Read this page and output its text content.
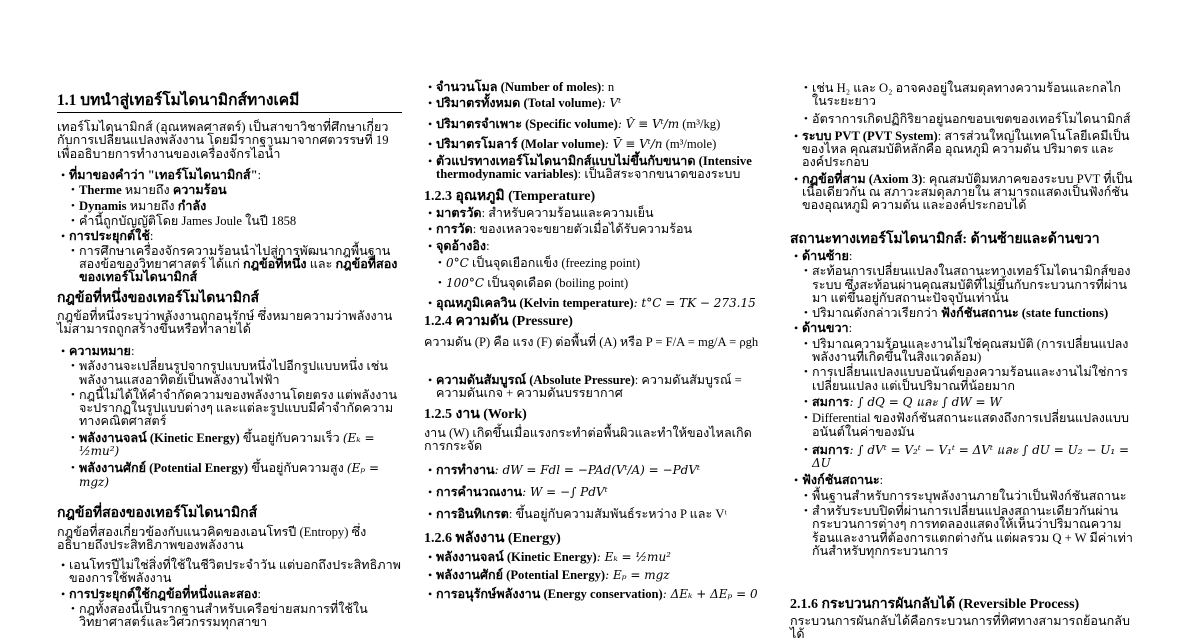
1.1 บทนำสู่เทอร์โมไดนามิกส์ทางเคมี
เทอร์โมไดนามิกส์ (อุณหพลศาสตร์) เป็นสาขาวิชาที่ศึกษาเกี่ยวกับการเปลี่ยนแปลงพลังงาน โดยมีรากฐานมาจากศตวรรษที่ 19 เพื่ออธิบายการทำงานของเครื่องจักรไอน้ำ
• ที่มาของคำว่า "เทอร์โมไดนามิกส์":
• Therme หมายถึง ความร้อน
• Dynamis หมายถึง กำลัง
• คำนี้ถูกบัญญัติโดย James Joule ในปี 1858
• การประยุกต์ใช้:
• การศึกษาเครื่องจักรความร้อนนำไปสู่การพัฒนากฎพื้นฐานสองข้อของวิทยาศาสตร์ ได้แก่ กฎข้อที่หนึ่ง และ กฎข้อที่สองของเทอร์โมไดนามิกส์
กฎข้อที่หนึ่งของเทอร์โมไดนามิกส์
กฎข้อที่หนึ่งระบุว่าพลังงานถูกอนุรักษ์ ซึ่งหมายความว่าพลังงานไม่สามารถถูกสร้างขึ้นหรือทำลายได้
• ความหมาย:
• พลังงานจะเปลี่ยนรูปจากรูปแบบหนึ่งไปอีกรูปแบบหนึ่ง เช่น พลังงานแสงอาทิตย์เป็นพลังงานไฟฟ้า
• กฎนี้ไม่ได้ให้คำจำกัดความของพลังงานโดยตรง แต่พลังงานจะปรากฏในรูปแบบต่างๆ และแต่ละรูปแบบมีคำจำกัดความทางคณิตศาสตร์
• พลังงานจลน์ (Kinetic Energy) ขึ้นอยู่กับความเร็ว (Eₖ = ½mu²)
• พลังงานศักย์ (Potential Energy) ขึ้นอยู่กับความสูง (Eₚ = mgz)
กฎข้อที่สองของเทอร์โมไดนามิกส์
กฎข้อที่สองเกี่ยวข้องกับแนวคิดของเอนโทรปี (Entropy) ซึ่งอธิบายถึงประสิทธิภาพของพลังงาน
• เอนโทรปีไม่ใช่สิ่งที่ใช้ในชีวิตประจำวัน แต่บอกถึงประสิทธิภาพของการใช้พลังงาน
• การประยุกต์ใช้กฎข้อที่หนึ่งและสอง:
• กฎทั้งสองนี้เป็นรากฐานสำหรับเครือข่ายสมการที่ใช้ในวิทยาศาสตร์และวิศวกรรมทุกสาขา
• จำนวนโมล (Number of moles): n
• ปริมาตรทั้งหมด (Total volume): Vᵗ
• ปริมาตรจำเพาะ (Specific volume): V̂ ≡ Vᵗ/m (m³/kg)
• ปริมาตรโมลาร์ (Molar volume): V̄ ≡ Vᵗ/n (m³/mole)
• ตัวแปรทางเทอร์โมไดนามิกส์แบบไม่ขึ้นกับขนาด (Intensive thermodynamic variables): เป็นอิสระจากขนาดของระบบ
1.2.3 อุณหภูมิ (Temperature)
• มาตรวัด: สำหรับความร้อนและความเย็น
• การวัด: ของเหลวจะขยายตัวเมื่อได้รับความร้อน
• จุดอ้างอิง:
• 0°C เป็นจุดเยือกแข็ง (freezing point)
• 100°C เป็นจุดเดือด (boiling point)
• อุณหภูมิเคลวิน (Kelvin temperature): t°C = TK − 273.15
1.2.4 ความดัน (Pressure)
ความดัน (P) คือ แรง (F) ต่อพื้นที่ (A) หรือ P = F/A = mg/A = ρgh
• ความดันสัมบูรณ์ (Absolute Pressure): ความดันสัมบูรณ์ = ความดันเกจ + ความดันบรรยากาศ
1.2.5 งาน (Work)
งาน (W) เกิดขึ้นเมื่อแรงกระทำต่อพื้นผิวและทำให้ของไหลเกิดการกระจัด
• การทำงาน: dW = Fdl = −PAd(Vᵗ/A) = −PdVᵗ
• การคำนวณงาน: W = −∫ PdVᵗ
• การอินทิเกรต: ขึ้นอยู่กับความสัมพันธ์ระหว่าง P และ Vᵗ
1.2.6 พลังงาน (Energy)
• พลังงานจลน์ (Kinetic Energy): Eₖ = ½mu²
• พลังงานศักย์ (Potential Energy): Eₚ = mgz
• การอนุรักษ์พลังงาน (Energy conservation): ΔEₖ + ΔEₚ = 0
• เช่น H₂ และ O₂ อาจคงอยู่ในสมดุลทางความร้อนและกลไกในระยะยาว
• อัตราการเกิดปฏิกิริยาอยู่นอกขอบเขตของเทอร์โมไดนามิกส์
• ระบบ PVT (PVT System): สารส่วนใหญ่ในเทคโนโลยีเคมีเป็นของไหล คุณสมบัติหลักคือ อุณหภูมิ ความดัน ปริมาตร และองค์ประกอบ
• กฎข้อที่สาม (Axiom 3): คุณสมบัติมหภาคของระบบ PVT ที่เป็นเนื้อเดียวกัน ณ สภาวะสมดุลภายใน สามารถแสดงเป็นฟังก์ชันของอุณหภูมิ ความดัน และองค์ประกอบได้
สถานะทางเทอร์โมไดนามิกส์: ด้านซ้ายและด้านขวา
• ด้านซ้าย:
• สะท้อนการเปลี่ยนแปลงในสถานะทางเทอร์โมไดนามิกส์ของระบบ ซึ่งสะท้อนผ่านคุณสมบัติที่ไม่ขึ้นกับกระบวนการที่ผ่านมา แต่ขึ้นอยู่กับสถานะปัจจุบันเท่านั้น
• ปริมาณดังกล่าวเรียกว่า ฟังก์ชันสถานะ (state functions)
• ด้านขวา:
• ปริมาณความร้อนและงานไม่ใช่คุณสมบัติ (การเปลี่ยนแปลงพลังงานที่เกิดขึ้นในสิ่งแวดล้อม)
• การเปลี่ยนแปลงแบบอนันต์ของความร้อนและงานไม่ใช่การเปลี่ยนแปลง แต่เป็นปริมาณที่น้อยมาก
• สมการ: ∫ dQ = Q และ ∫ dW = W
• Differential ของฟังก์ชันสถานะแสดงถึงการเปลี่ยนแปลงแบบอนันต์ในค่าของมัน
• สมการ: ∫ dVᵗ = V₂ᵗ − V₁ᵗ = ΔVᵗ และ ∫ dU = U₂ − U₁ = ΔU
• ฟังก์ชันสถานะ:
• พื้นฐานสำหรับการระบุพลังงานภายในว่าเป็นฟังก์ชันสถานะ
• สำหรับระบบปิดที่ผ่านการเปลี่ยนแปลงสถานะเดียวกันผ่านกระบวนการต่างๆ การทดลองแสดงให้เห็นว่าปริมาณความร้อนและงานที่ต้องการแตกต่างกัน แต่ผลรวม Q + W มีค่าเท่ากันสำหรับทุกกระบวนการ
2.1.6 กระบวนการผันกลับได้ (Reversible Process)
กระบวนการผันกลับได้คือกระบวนการที่ทิศทางสามารถย้อนกลับได้
